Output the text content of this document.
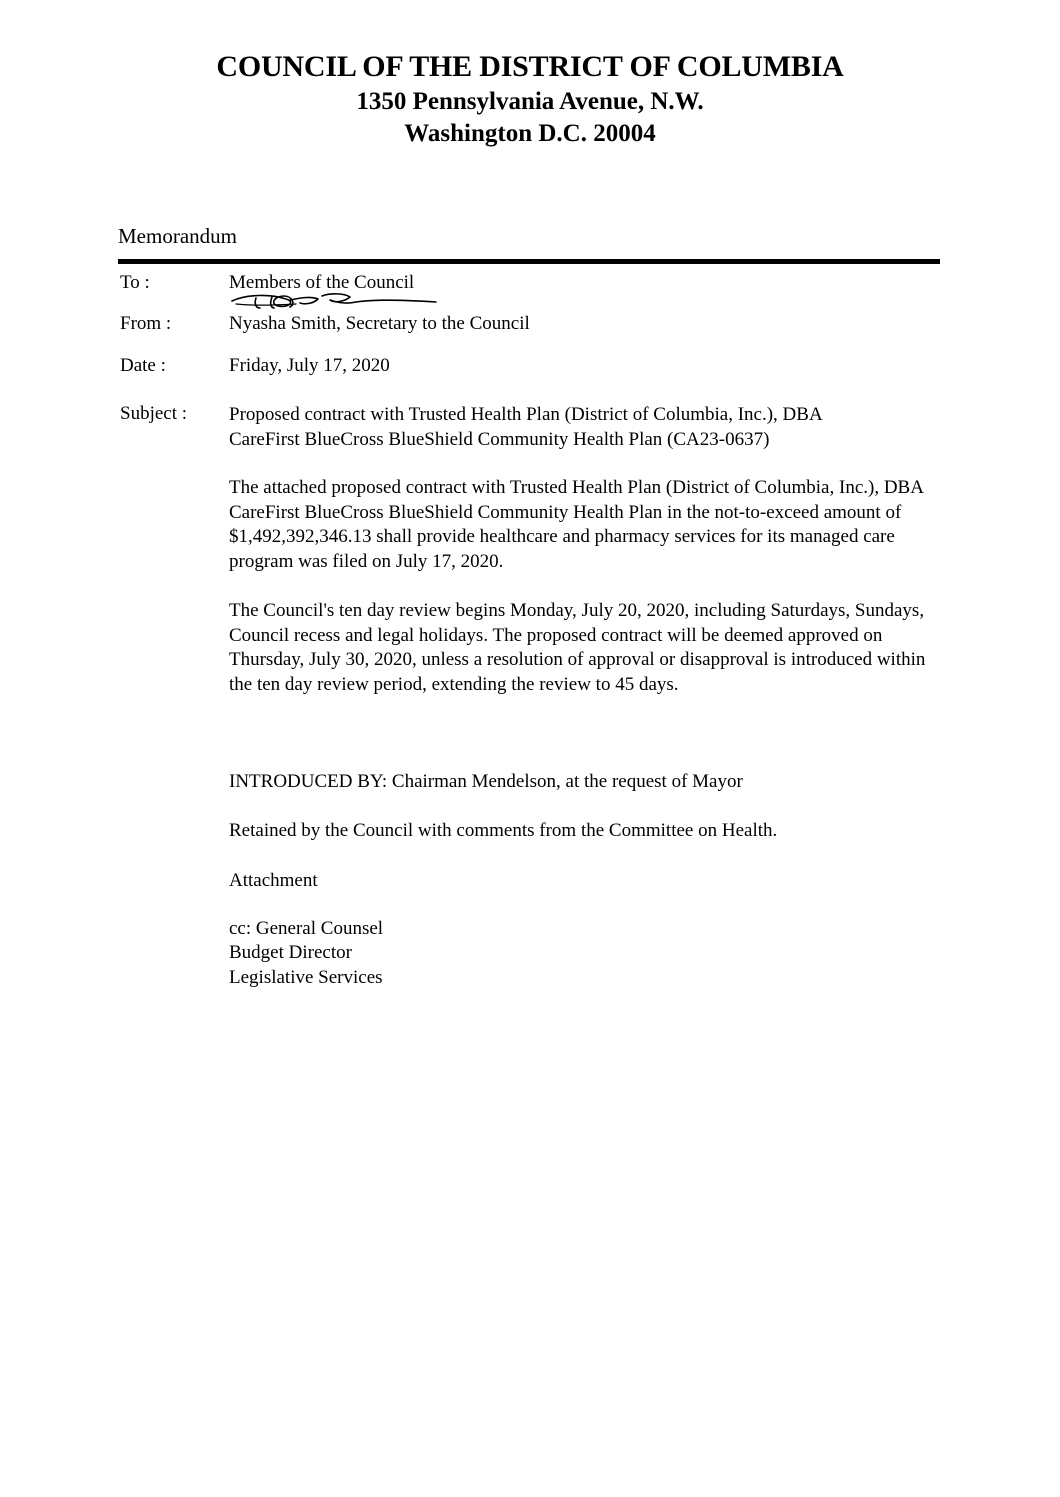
COUNCIL OF THE DISTRICT OF COLUMBIA
1350 Pennsylvania Avenue, N.W.
Washington D.C. 20004
Memorandum
To :	Members of the Council
From :	Nyasha Smith, Secretary to the Council
Date :	Friday, July 17, 2020
Subject : Proposed contract with Trusted Health Plan (District of Columbia, Inc.), DBA CareFirst BlueCross BlueShield Community Health Plan (CA23-0637)
The attached proposed contract with Trusted Health Plan (District of Columbia, Inc.), DBA CareFirst BlueCross BlueShield Community Health Plan in the not-to-exceed amount of $1,492,392,346.13 shall provide healthcare and pharmacy services for its managed care program was filed on July 17, 2020.
The Council's ten day review begins Monday, July 20, 2020, including Saturdays, Sundays, Council recess and legal holidays. The proposed contract will be deemed approved on Thursday, July 30, 2020, unless a resolution of approval or disapproval is introduced within the ten day review period, extending the review to 45 days.
INTRODUCED BY: Chairman Mendelson, at the request of Mayor
Retained by the Council with comments from the Committee on Health.
Attachment
cc: General Counsel
Budget Director
Legislative Services
